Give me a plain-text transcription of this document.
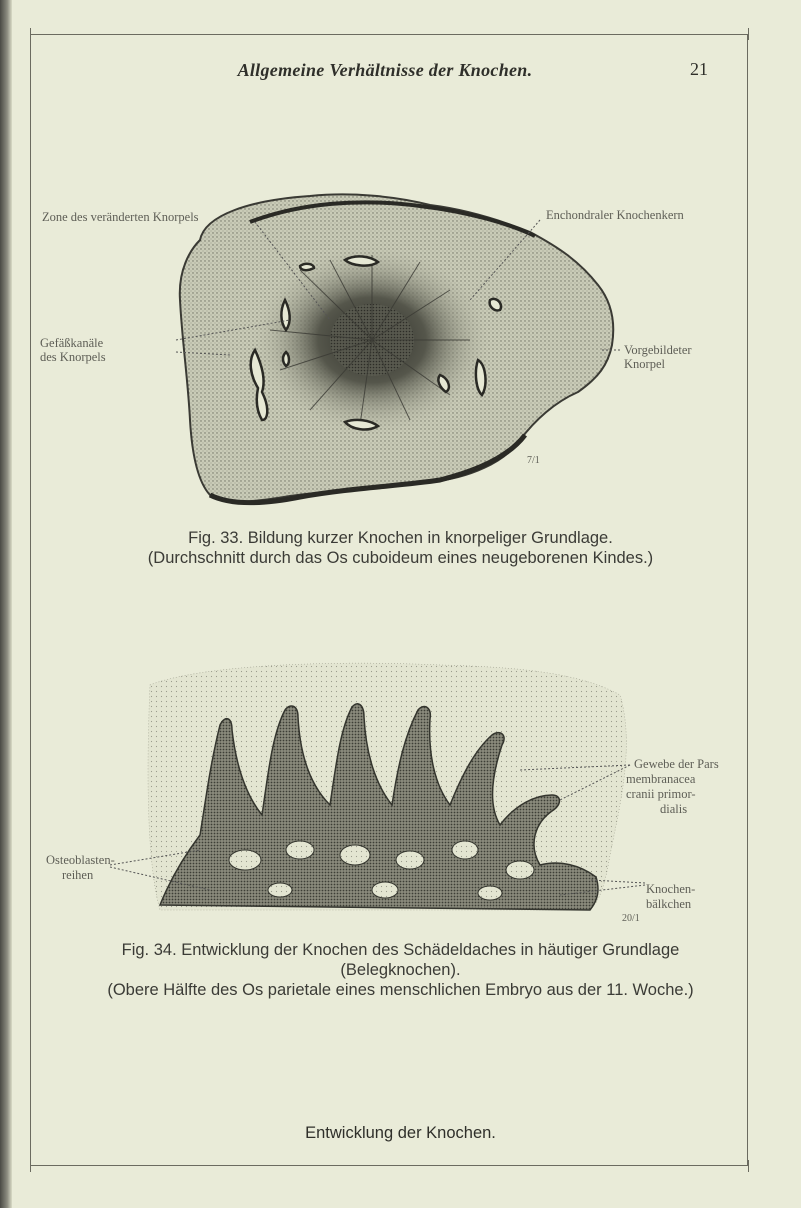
Allgemeine Verhältnisse der Knochen.	21
Zone des veränderten Knorpels	Enchondraler Knochenkern
Gefäßkanäle
des Knorpels	Vorgebildeter
Knorpel
7/1
Fig. 33. Bildung kurzer Knochen in knorpeliger Grundlage.
(Durchschnitt durch das Os cuboideum eines neugeborenen Kindes.)
Gewebe der Pars
membranacea
cranii primor-
dialis
Osteoblasten-
reihen
Knochen-
bälkchen
20/1
Fig. 34. Entwicklung der Knochen des Schädeldaches in häutiger Grundlage
(Belegknochen).
(Obere Hälfte des Os parietale eines menschlichen Embryo aus der 11. Woche.)
Entwicklung der Knochen.
